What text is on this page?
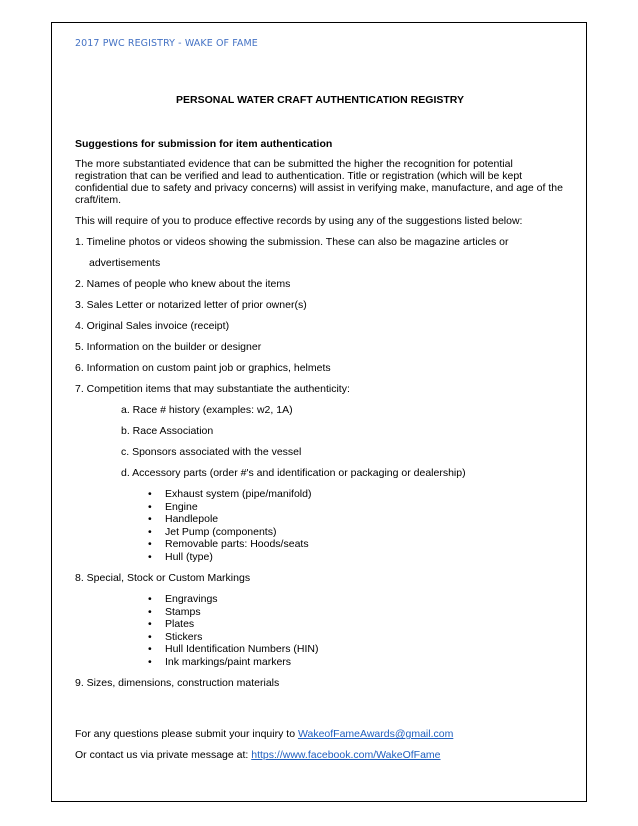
2017 PWC REGISTRY - WAKE OF FAME
PERSONAL WATER CRAFT AUTHENTICATION REGISTRY
Suggestions for submission for item authentication

The more substantiated evidence that can be submitted the higher the recognition for potential registration that can be verified and lead to authentication. Title or registration (which will be kept confidential due to safety and privacy concerns) will assist in verifying make, manufacture, and age of the craft/item.

This will require of you to produce effective records by using any of the suggestions listed below:

1. Timeline photos or videos showing the submission. These can also be magazine articles or
advertisements
2. Names of people who knew about the items
3. Sales Letter or notarized letter of prior owner(s)
4. Original Sales invoice (receipt)
5. Information on the builder or designer
6. Information on custom paint job or graphics, helmets
7. Competition items that may substantiate the authenticity:
a. Race # history (examples: w2, 1A)
b. Race Association
c. Sponsors associated with the vessel
d. Accessory parts (order #'s and identification or packaging or dealership)
• Exhaust system (pipe/manifold)
• Engine
• Handlepole
• Jet Pump (components)
• Removable parts: Hoods/seats
• Hull (type)
8. Special, Stock or Custom Markings
• Engravings
• Stamps
• Plates
• Stickers
• Hull Identification Numbers (HIN)
• Ink markings/paint markers
9. Sizes, dimensions, construction materials

For any questions please submit your inquiry to WakeofFameAwards@gmail.com

Or contact us via private message at: https://www.facebook.com/WakeOfFame
